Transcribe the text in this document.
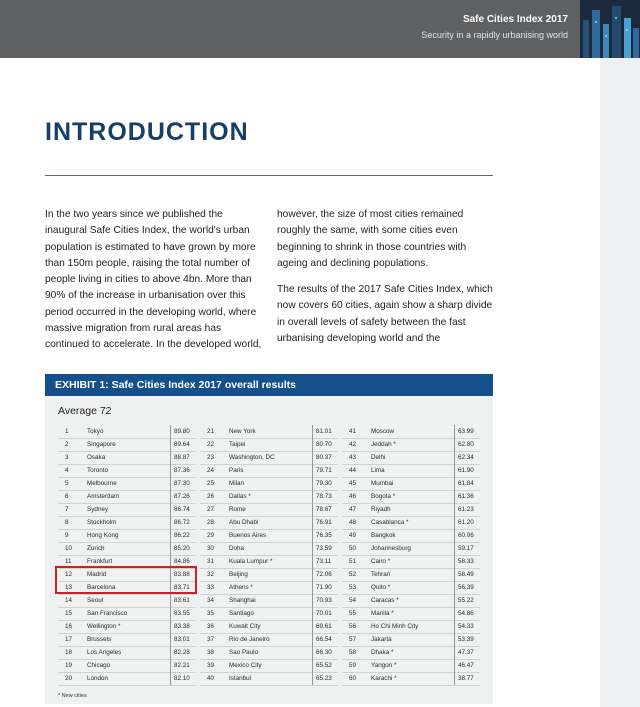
Safe Cities Index 2017
Security in a rapidly urbanising world
INTRODUCTION

In the two years since we published the inaugural Safe Cities Index, the world's urban population is estimated to have grown by more than 150m people, raising the total number of people living in cities to above 4bn. More than 90% of the increase in urbanisation over this period occurred in the developing world, where massive migration from rural areas has continued to accelerate. In the developed world,

however, the size of most cities remained roughly the same, with some cities even beginning to shrink in those countries with ageing and declining populations.

The results of the 2017 Safe Cities Index, which now covers 60 cities, again show a sharp divide in overall levels of safety between the fast urbanising developing world and the

EXHIBIT 1: Safe Cities Index 2017 overall results
Average 72
1	Tokyo	89.80
2	Singapore	89.64
3	Osaka	88.87
4	Toronto	87.36
5	Melbourne	87.30
6	Amsterdam	87.26
7	Sydney	86.74
8	Stockholm	86.72
9	Hong Kong	86.22
10 Zurich	85.20
11 Frankfurt	84.86
12 Madrid	83.88
13 Barcelona	83.71
14 Seoul	83.61
15 San Francisco	83.55
16 Wellington *	83.38
17 Brussels	83.01
18 Los Angeles	82.28
19 Chicago	82.21
20 London	82.10
21 New York	81.01
22 Taipei	80.70
23 Washington, DC	80.37
24 Paris	79.71
25 Milan	79.30
26 Dallas *	78.73
27 Rome	78.67
28 Abu Dhabi	76.91
29 Buenos Aires	76.35
30 Doha	73.59
31 Kuala Lumpur *	73.11
32 Beijing	72.06
33 Athens *	71.90
34 Shanghai	70.93
35 Santiago	70.01
36 Kuwait City	69.61
37 Rio de Janeiro	66.54
38 Sao Paulo	66.30
39 Mexico City	65.52
40 Istanbul	65.23
41 Moscow	63.99
42 Jeddah *	62.80
43 Delhi	62.34
44 Lima	61.90
45 Mumbai	61.84
46 Bogota *	61.36
47 Riyadh	61.23
48 Casablanca *	61.20
49 Bangkok	60.06
50 Johannesburg	59.17
51 Cairo *	58.33
52 Tehran	58.49
53 Quito *	56.39
54 Caracas *	55.22
55 Manila *	54.86
56 Ho Chi Minh City	54.33
57 Jakarta	53.39
58 Dhaka *	47.37
59 Yangon *	46.47
60 Karachi *	38.77
* New cities
